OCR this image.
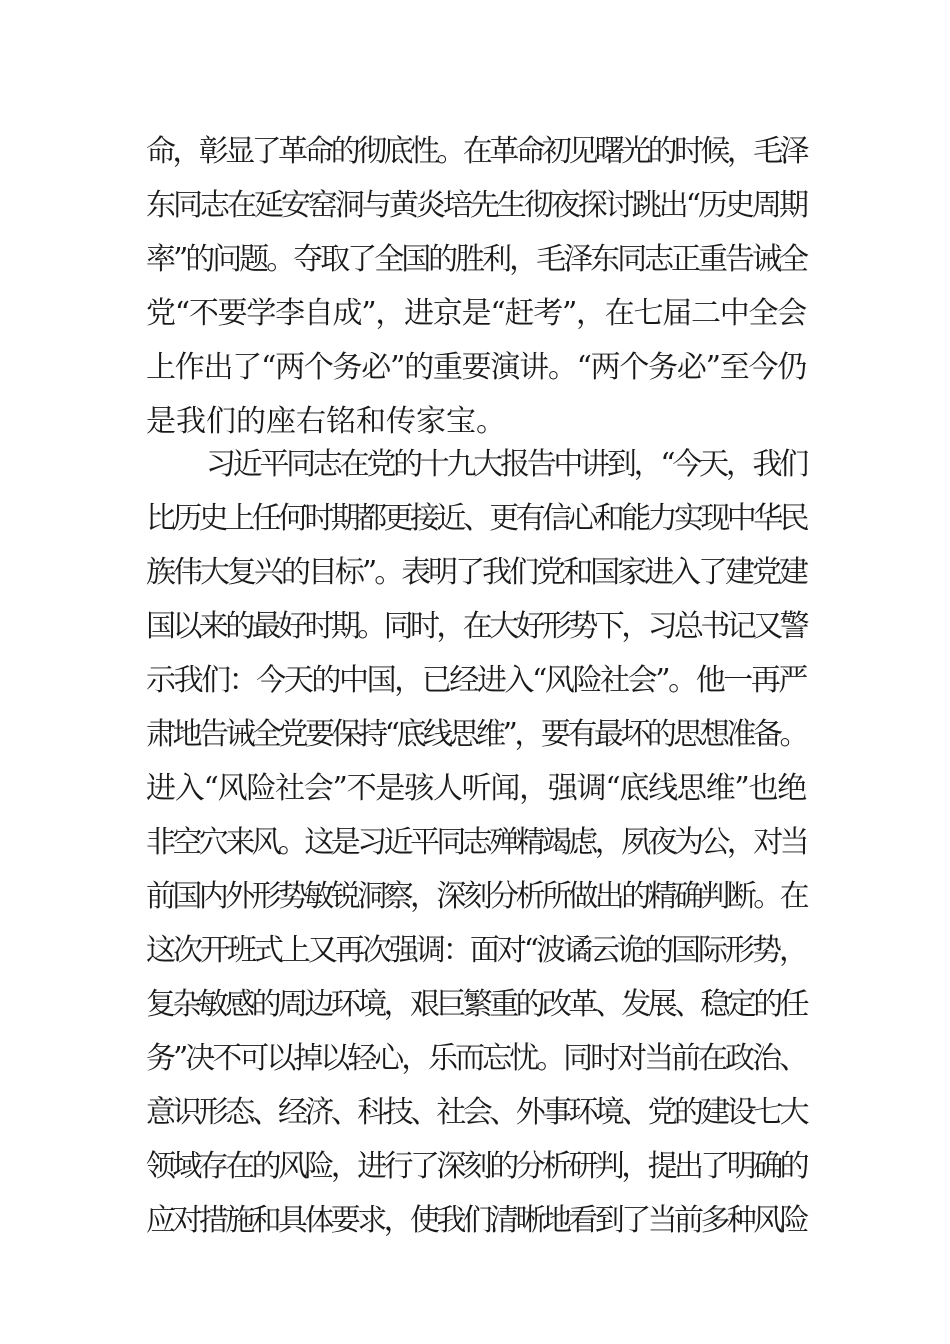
命，彰显了革命的彻底性。在革命初见曙光的时候，毛泽
东同志在延安窑洞与黄炎培先生彻夜探讨跳出“历史周期
率”的问题。夺取了全国的胜利，毛泽东同志正重告诫全
党“不要学李自成”，进京是“赶考”，在七届二中全会
上作出了“两个务必”的重要演讲。“两个务必”至今仍
是我们的座右铭和传家宝。
习近平同志在党的十九大报告中讲到，“今天，我们
比历史上任何时期都更接近、更有信心和能力实现中华民
族伟大复兴的目标”。表明了我们党和国家进入了建党建
国以来的最好时期。同时，在大好形势下，习总书记又警
示我们：今天的中国，已经进入“风险社会”。他一再严
肃地告诫全党要保持“底线思维”，要有最坏的思想准备。
进入“风险社会”不是骇人听闻，强调“底线思维”也绝
非空穴来风。这是习近平同志殚精竭虑，夙夜为公，对当
前国内外形势敏锐洞察，深刻分析所做出的精确判断。在
这次开班式上又再次强调：面对“波谲云诡的国际形势，
复杂敏感的周边环境，艰巨繁重的改革、发展、稳定的任
务”决不可以掉以轻心，乐而忘忧。同时对当前在政治、
意识形态、经济、科技、社会、外事环境、党的建设七大
领域存在的风险，进行了深刻的分析研判，提出了明确的
应对措施和具体要求，使我们清晰地看到了当前多种风险
